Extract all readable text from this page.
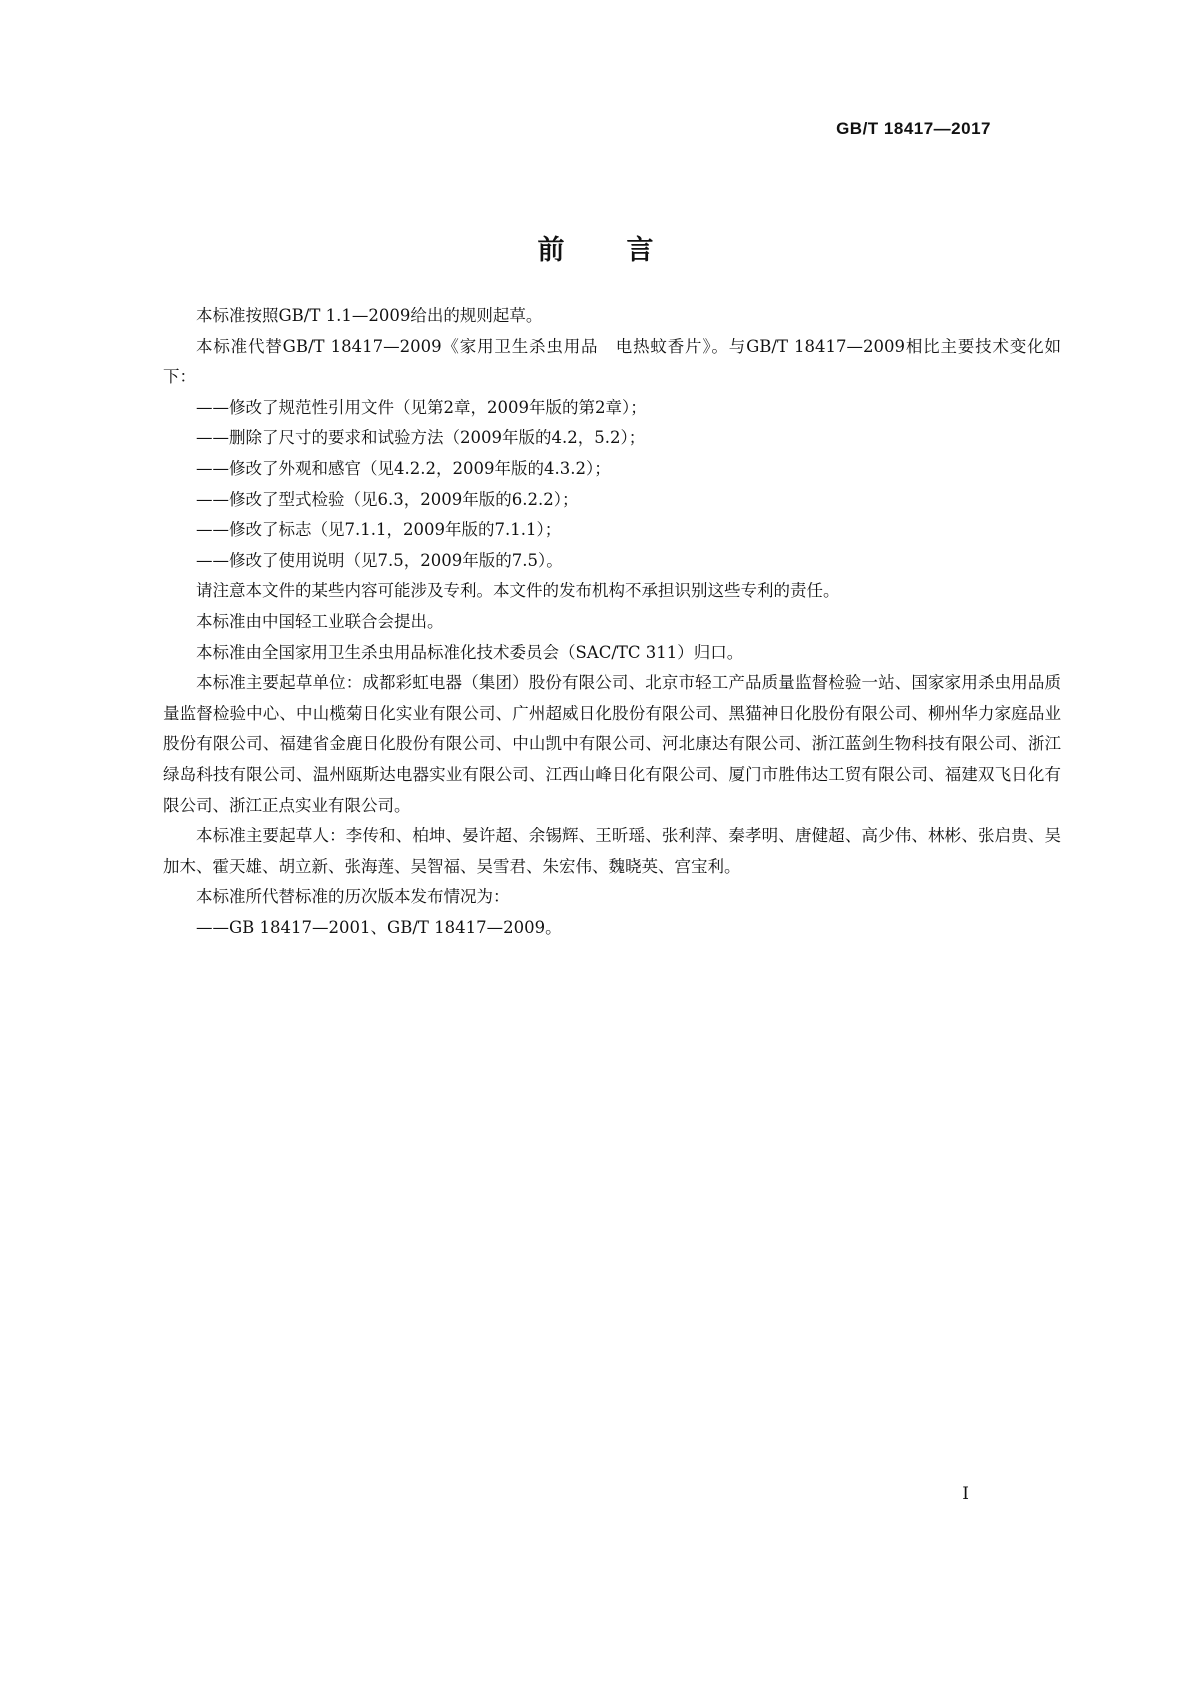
GB/T 18417—2017
前 言

本标准按照GB/T 1.1—2009给出的规则起草。

本标准代替GB/T 18417—2009《家用卫生杀虫用品　电热蚊香片》。与GB/T 18417—2009相比主要技术变化如下：

——修改了规范性引用文件（见第2章，2009年版的第2章）；

——删除了尺寸的要求和试验方法（2009年版的4.2，5.2）；

——修改了外观和感官（见4.2.2，2009年版的4.3.2）；

——修改了型式检验（见6.3，2009年版的6.2.2）；

——修改了标志（见7.1.1，2009年版的7.1.1）；

——修改了使用说明（见7.5，2009年版的7.5）。

请注意本文件的某些内容可能涉及专利。本文件的发布机构不承担识别这些专利的责任。

本标准由中国轻工业联合会提出。

本标准由全国家用卫生杀虫用品标准化技术委员会（SAC/TC 311）归口。

本标准主要起草单位：成都彩虹电器（集团）股份有限公司、北京市轻工产品质量监督检验一站、国家家用杀虫用品质量监督检验中心、中山榄菊日化实业有限公司、广州超威日化股份有限公司、黑猫神日化股份有限公司、柳州华力家庭品业股份有限公司、福建省金鹿日化股份有限公司、中山凯中有限公司、河北康达有限公司、浙江蓝剑生物科技有限公司、浙江绿岛科技有限公司、温州瓯斯达电器实业有限公司、江西山峰日化有限公司、厦门市胜伟达工贸有限公司、福建双飞日化有限公司、浙江正点实业有限公司。

本标准主要起草人：李传和、柏坤、晏许超、余锡辉、王昕瑶、张利萍、秦孝明、唐健超、高少伟、林彬、张启贵、吴加木、霍天雄、胡立新、张海莲、吴智福、吴雪君、朱宏伟、魏晓英、宫宝利。

本标准所代替标准的历次版本发布情况为：

——GB 18417—2001、GB/T 18417—2009。

I
